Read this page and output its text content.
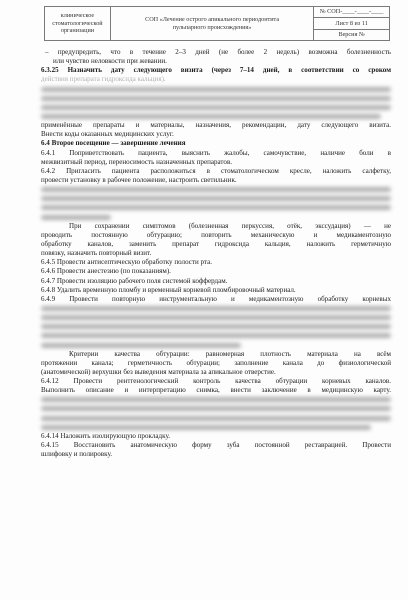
клиническое
стоматологической
организации

СОП «Лечение острого апикального периодонтита
пульпарного происхождения»
	№ СОП-____-____-____
Лист 8 из 11
Версия №
– предупредить, что в течение 2–3 дней (не более 2 недель) возможна болезненность
или чувство неловкости при жевании.
6.3.25 Назначить дату следующего визита (через 7–14 дней, в соответствии со сроком
действия препарата гидроксида кальция).
применённые препараты и материалы, назначения, рекомендации, дату следующего визита.
Внести коды оказанных медицинских услуг.
6.4 Второе посещение — завершение лечения
6.4.1 Поприветствовать пациента, выяснить жалобы, самочувствие, наличие боли в
межвизитный период, переносимость назначенных препаратов.
6.4.2 Пригласить пациента расположиться в стоматологическом кресле, наложить салфетку,
провести установку в рабочее положение, настроить светильник.
При сохранении симптомов (болезненная перкуссия, отёк, экссудация) — не
проводить постоянную обтурацию; повторить механическую и медикаментозную
обработку каналов, заменить препарат гидроксида кальция, наложить герметичную
повязку, назначить повторный визит.
6.4.5 Провести антисептическую обработку полости рта.
6.4.6 Провести анестезию (по показаниям).
6.4.7 Провести изоляцию рабочего поля системой коффердам.
6.4.8 Удалить временную пломбу и временный корневой пломбировочный материал.
6.4.9 Провести повторную инструментальную и медикаментозную обработку корневых
Критерии качества обтурации: равномерная плотность материала на всём
протяжении канала; герметичность обтурации; заполнение канала до физиологической
(анатомической) верхушки без выведения материала за апикальное отверстие.
6.4.12 Провести рентгенологический контроль качества обтурации корневых каналов.
Выполнить описание и интерпретацию снимка, внести заключение в медицинскую карту.
6.4.14 Наложить изолирующую прокладку.
6.4.15 Восстановить анатомическую форму зуба постоянной реставрацией. Провести
шлифовку и полировку.
